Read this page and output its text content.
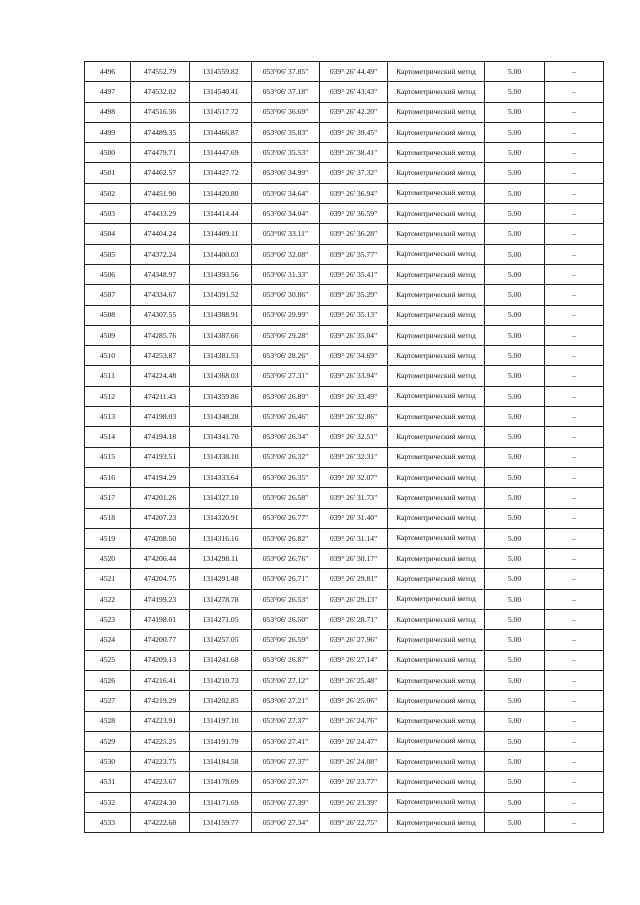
4496	474552.79	1314559.82	053°06' 37.85"	039° 26' 44.49"	Картометрический метод	5.00	–
4497	474532.02	1314540.41	053°06' 37.18"	039° 26' 43.43"	Картометрический метод	5.00	–
4498	474516.36	1314517.72	053°06' 36.69"	039° 26' 42.20"	Картометрический метод	5.00	–
4499	474489.35	1314466.87	053°06' 35.83"	039° 26' 39.45"	Картометрический метод	5.00	–
4500	474479.71	1314447.69	053°06' 35.53"	039° 26' 38.41"	Картометрический метод	5.00	–
4501	474462.57	1314427.72	053°06' 34.99"	039° 26' 37.32"	Картометрический метод	5.00	–
4502	474451.90	1314420.80	053°06' 34.64"	039° 26' 36.94"	Картометрический метод	5.00	–
4503	474433.29	1314414.44	053°06' 34.04"	039° 26' 36.59"	Картометрический метод	5.00	–
4504	474404.24	1314409.11	053°06' 33.11"	039° 26' 36.28"	Картометрический метод	5.00	–
4505	474372.24	1314400.03	053°06' 32.08"	039° 26' 35.77"	Картометрический метод	5.00	–
4506	474348.97	1314393.56	053°06' 31.33"	039° 26' 35.41"	Картометрический метод	5.00	–
4507	474334.67	1314391.52	053°06' 30.86"	039° 26' 35.29"	Картометрический метод	5.00	–
4508	474307.55	1314388.91	053°06' 29.99"	039° 26' 35.13"	Картометрический метод	5.00	–
4509	474285.76	1314387.66	053°06' 29.28"	039° 26' 35.04"	Картометрический метод	5.00	–
4510	474253.87	1314381.53	053°06' 28.26"	039° 26' 34.69"	Картометрический метод	5.00	–
4511	474224.48	1314368.03	053°06' 27.31"	039° 26' 33.94"	Картометрический метод	5.00	–
4512	474211.43	1314359.86	053°06' 26.89"	039° 26' 33.49"	Картометрический метод	5.00	–
4513	474198.03	1314348.28	053°06' 26.46"	039° 26' 32.86"	Картометрический метод	5.00	–
4514	474194.18	1314341.70	053°06' 26.34"	039° 26' 32.51"	Картометрический метод	5.00	–
4515	474193.51	1314338.10	053°06' 26.32"	039° 26' 32.31"	Картометрический метод	5.00	–
4516	474194.29	1314333.64	053°06' 26.35"	039° 26' 32.07"	Картометрический метод	5.00	–
4517	474201.26	1314327.10	053°06' 26.58"	039° 26' 31.73"	Картометрический метод	5.00	–
4518	474207.23	1314320.91	053°06' 26.77"	039° 26' 31.40"	Картометрический метод	5.00	–
4519	474208.50	1314316.16	053°06' 26.82"	039° 26' 31.14"	Картометрический метод	5.00	–
4520	474206.44	1314298.11	053°06' 26.76"	039° 26' 30.17"	Картометрический метод	5.00	–
4521	474204.75	1314291.48	053°06' 26.71"	039° 26' 29.81"	Картометрический метод	5.00	–
4522	474199.23	1314278.78	053°06' 26.53"	039° 26' 29.13"	Картометрический метод	5.00	–
4523	474198.01	1314271.05	053°06' 26.50"	039° 26' 28.71"	Картометрический метод	5.00	–
4524	474200.77	1314257.05	053°06' 26.59"	039° 26' 27.96"	Картометрический метод	5.00	–
4525	474209.13	1314241.68	053°06' 26.87"	039° 26' 27.14"	Картометрический метод	5.00	–
4526	474216.41	1314210.73	053°06' 27.12"	039° 26' 25.48"	Картометрический метод	5.00	–
4527	474219.29	1314202.85	053°06' 27.21"	039° 26' 25.06"	Картометрический метод	5.00	–
4528	474223.91	1314197.10	053°06' 27.37"	039° 26' 24.76"	Картометрический метод	5.00	–
4529	474225.25	1314191.79	053°06' 27.41"	039° 26' 24.47"	Картометрический метод	5.00	–
4530	474223.75	1314184.58	053°06' 27.37"	039° 26' 24.08"	Картометрический метод	5.00	–
4531	474223.67	1314178.69	053°06' 27.37"	039° 26' 23.77"	Картометрический метод	5.00	–
4532	474224.30	1314171.69	053°06' 27.39"	039° 26' 23.39"	Картометрический метод	5.00	–
4533	474222.68	1314159.77	053°06' 27.34"	039° 26' 22.75"	Картометрический метод	5.00	–
